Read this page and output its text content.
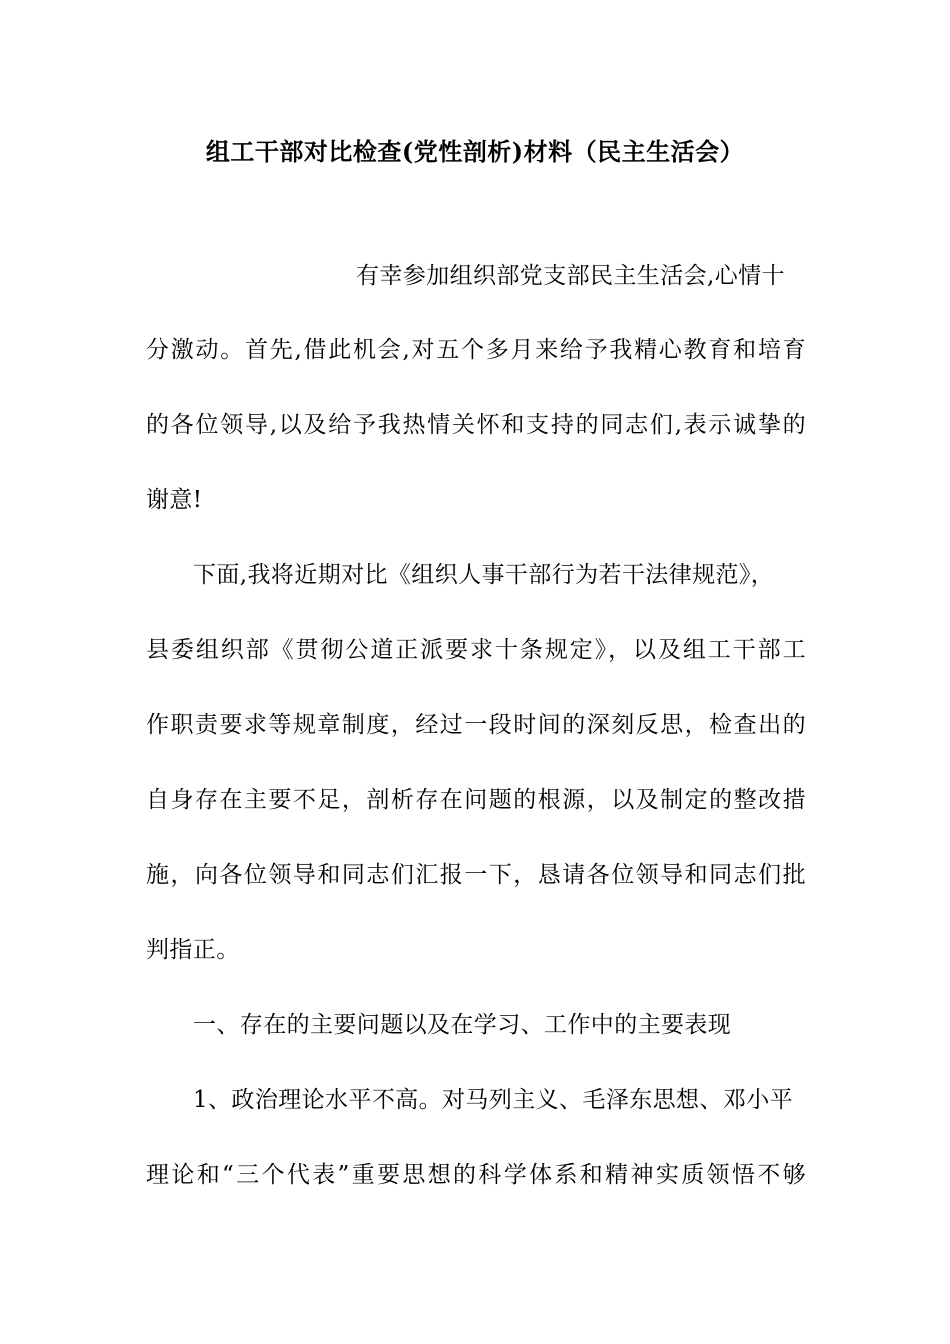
组工干部对比检查(党性剖析)材料（民主生活会）
有幸参加组织部党支部民主生活会,心情十
分激动。首先,借此机会,对五个多月来给予我精心教育和培育
的各位领导,以及给予我热情关怀和支持的同志们,表示诚挚的
谢意!
下面,我将近期对比《组织人事干部行为若干法律规范》，
县委组织部《贯彻公道正派要求十条规定》，以及组工干部工
作职责要求等规章制度，经过一段时间的深刻反思，检查出的
自身存在主要不足，剖析存在问题的根源，以及制定的整改措
施，向各位领导和同志们汇报一下，恳请各位领导和同志们批
判指正。
一、存在的主要问题以及在学习、工作中的主要表现
1、政治理论水平不高。对马列主义、毛泽东思想、邓小平
理论和“三个代表”重要思想的科学体系和精神实质领悟不够
